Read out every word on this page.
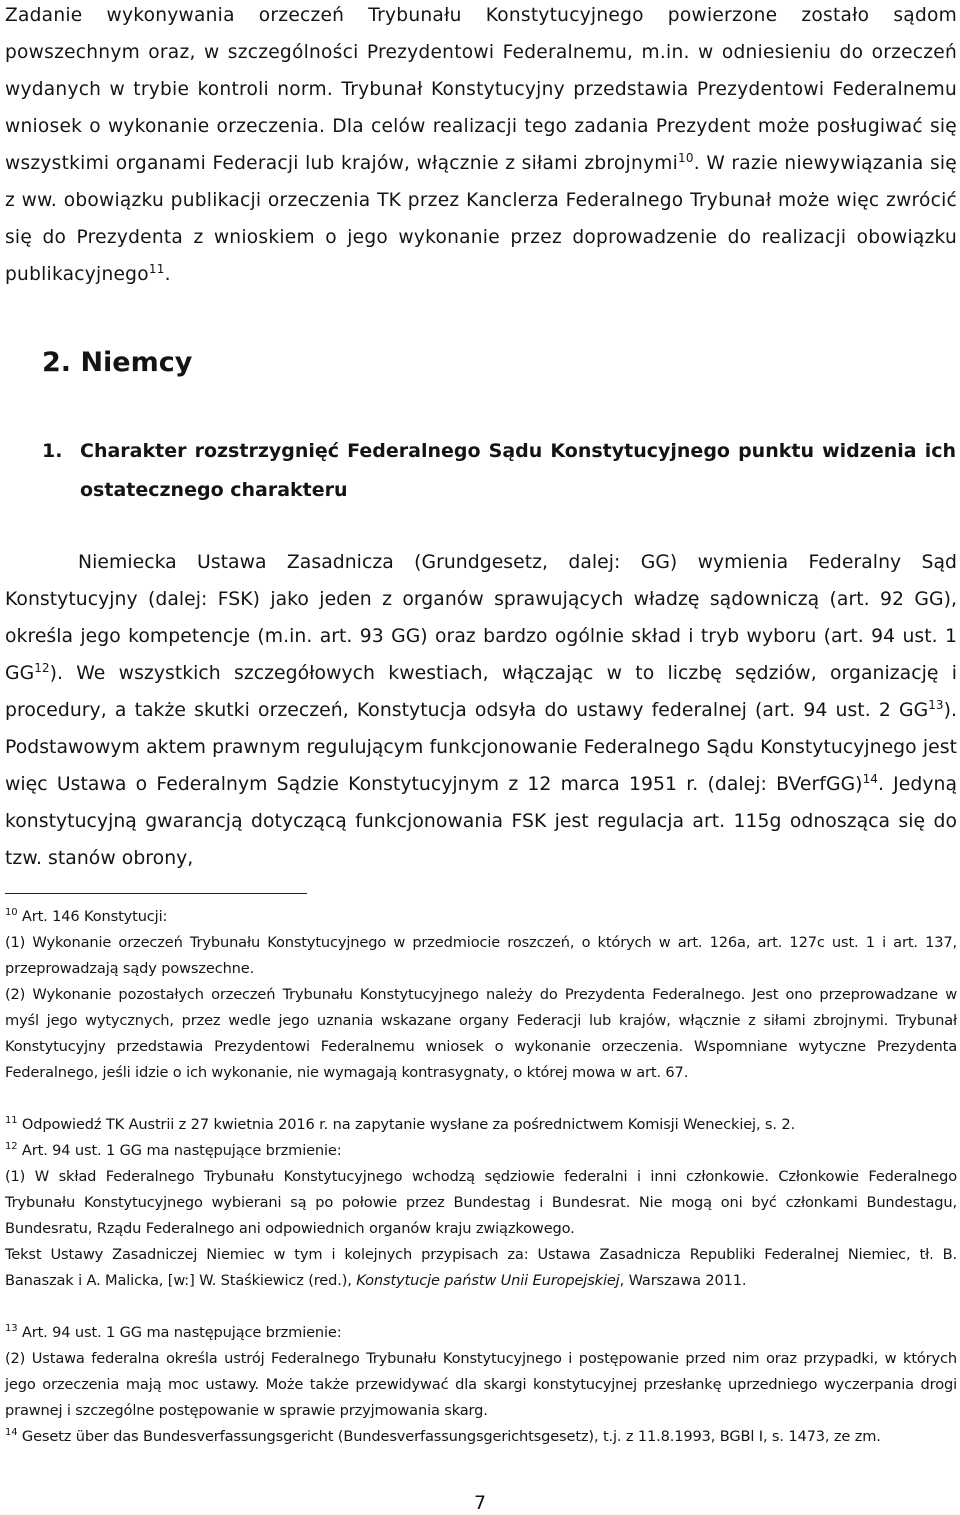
Zadanie wykonywania orzeczeń Trybunału Konstytucyjnego powierzone zostało sądom powszechnym oraz, w szczególności Prezydentowi Federalnemu, m.in. w odniesieniu do orzeczeń wydanych w trybie kontroli norm. Trybunał Konstytucyjny przedstawia Prezydentowi Federalnemu wniosek o wykonanie orzeczenia. Dla celów realizacji tego zadania Prezydent może posługiwać się wszystkimi organami Federacji lub krajów, włącznie z siłami zbrojnymi$^{10}$. W razie niewywiązania się z ww. obowiązku publikacji orzeczenia TK przez Kanclerza Federalnego Trybunał może więc zwrócić się do Prezydenta z wnioskiem o jego wykonanie przez doprowadzenie do realizacji obowiązku publikacyjnego$^{11}$.

2. Niemcy
1. Charakter rozstrzygnięć Federalnego Sądu Konstytucyjnego punktu widzenia ich ostatecznego charakteru

Niemiecka Ustawa Zasadnicza (Grundgesetz, dalej: GG) wymienia Federalny Sąd Konstytucyjny (dalej: FSK) jako jeden z organów sprawujących władzę sądowniczą (art. 92 GG), określa jego kompetencje (m.in. art. 93 GG) oraz bardzo ogólnie skład i tryb wyboru (art. 94 ust. 1 GG$^{12}$). We wszystkich szczegółowych kwestiach, włączając w to liczbę sędziów, organizację i procedury, a także skutki orzeczeń, Konstytucja odsyła do ustawy federalnej (art. 94 ust. 2 GG$^{13}$). Podstawowym aktem prawnym regulującym funkcjonowanie Federalnego Sądu Konstytucyjnego jest więc Ustawa o Federalnym Sądzie Konstytucyjnym z 12 marca 1951 r. (dalej: BVerfGG)$^{14}$. Jedyną konstytucyjną gwarancją dotyczącą funkcjonowania FSK jest regulacja art. 115g odnosząca się do tzw. stanów obrony,

$^{10}$ Art. 146 Konstytucji:

(1) Wykonanie orzeczeń Trybunału Konstytucyjnego w przedmiocie roszczeń, o których w art. 126a, art. 127c ust. 1 i art. 137, przeprowadzają sądy powszechne.

(2) Wykonanie pozostałych orzeczeń Trybunału Konstytucyjnego należy do Prezydenta Federalnego. Jest ono przeprowadzane w myśl jego wytycznych, przez wedle jego uznania wskazane organy Federacji lub krajów, włącznie z siłami zbrojnymi. Trybunał Konstytucyjny przedstawia Prezydentowi Federalnemu wniosek o wykonanie orzeczenia. Wspomniane wytyczne Prezydenta Federalnego, jeśli idzie o ich wykonanie, nie wymagają kontrasygnaty, o której mowa w art. 67.

$^{11}$ Odpowiedź TK Austrii z 27 kwietnia 2016 r. na zapytanie wysłane za pośrednictwem Komisji Weneckiej, s. 2.

$^{12}$ Art. 94 ust. 1 GG ma następujące brzmienie:

(1) W skład Federalnego Trybunału Konstytucyjnego wchodzą sędziowie federalni i inni członkowie. Członkowie Federalnego Trybunału Konstytucyjnego wybierani są po połowie przez Bundestag i Bundesrat. Nie mogą oni być członkami Bundestagu, Bundesratu, Rządu Federalnego ani odpowiednich organów kraju związkowego.

Tekst Ustawy Zasadniczej Niemiec w tym i kolejnych przypisach za: Ustawa Zasadnicza Republiki Federalnej Niemiec, tł. B. Banaszak i A. Malicka, [w:] W. Staśkiewicz (red.), Konstytucje państw Unii Europejskiej, Warszawa 2011.

$^{13}$ Art. 94 ust. 1 GG ma następujące brzmienie:

(2) Ustawa federalna określa ustrój Federalnego Trybunału Konstytucyjnego i postępowanie przed nim oraz przypadki, w których jego orzeczenia mają moc ustawy. Może także przewidywać dla skargi konstytucyjnej przesłankę uprzedniego wyczerpania drogi prawnej i szczególne postępowanie w sprawie przyjmowania skarg.

$^{14}$ Gesetz über das Bundesverfassungsgericht (Bundesverfassungsgerichtsgesetz), t.j. z 11.8.1993, BGBl I, s. 1473, ze zm.

7
